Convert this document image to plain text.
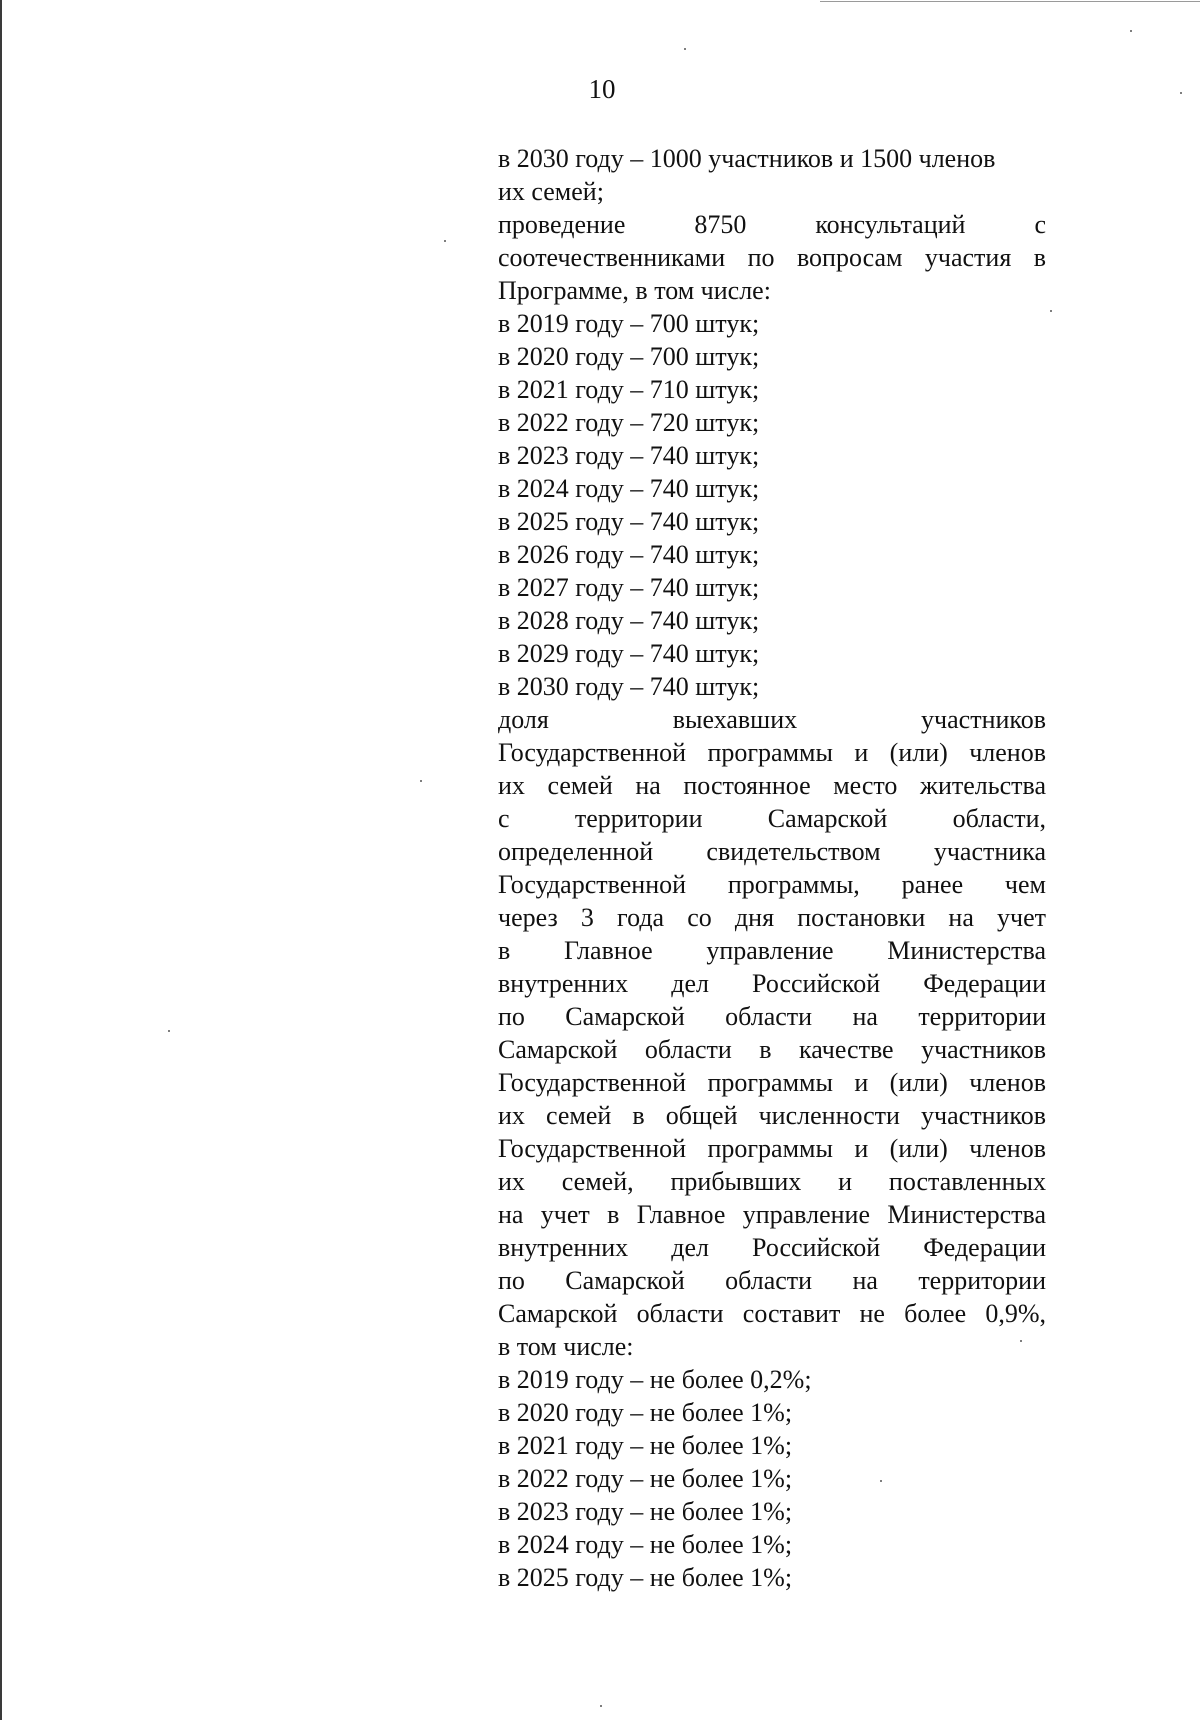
10
в 2030 году – 1000 участников и 1500 членов
их семей;
проведение 8750 консультаций с
соотечественниками по вопросам участия в
Программе, в том числе:
в 2019 году – 700 штук;
в 2020 году – 700 штук;
в 2021 году – 710 штук;
в 2022 году – 720 штук;
в 2023 году – 740 штук;
в 2024 году – 740 штук;
в 2025 году – 740 штук;
в 2026 году – 740 штук;
в 2027 году – 740 штук;
в 2028 году – 740 штук;
в 2029 году – 740 штук;
в 2030 году – 740 штук;
доля выехавших участников
Государственной программы и (или) членов
их семей на постоянное место жительства
с территории Самарской области,
определенной свидетельством участника
Государственной программы, ранее чем
через 3 года со дня постановки на учет
в Главное управление Министерства
внутренних дел Российской Федерации
по Самарской области на территории
Самарской области в качестве участников
Государственной программы и (или) членов
их семей в общей численности участников
Государственной программы и (или) членов
их семей, прибывших и поставленных
на учет в Главное управление Министерства
внутренних дел Российской Федерации
по Самарской области на территории
Самарской области составит не более 0,9%,
в том числе:
в 2019 году – не более 0,2%;
в 2020 году – не более 1%;
в 2021 году – не более 1%;
в 2022 году – не более 1%;
в 2023 году – не более 1%;
в 2024 году – не более 1%;
в 2025 году – не более 1%;
